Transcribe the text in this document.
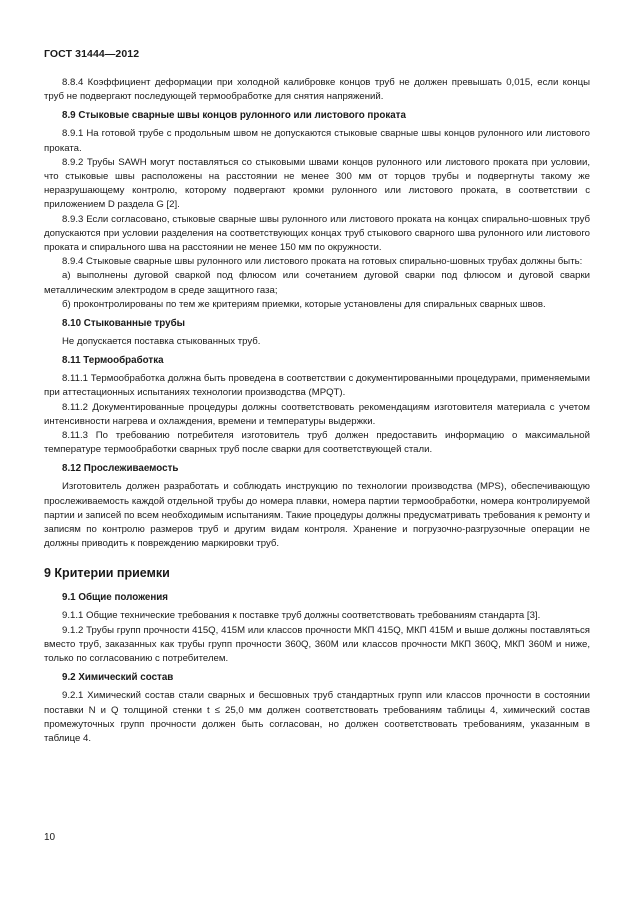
ГОСТ 31444—2012

8.8.4 Коэффициент деформации при холодной калибровке концов труб не должен превышать 0,015, если концы труб не подвергают последующей термообработке для снятия напряжений.

8.9 Стыковые сварные швы концов рулонного или листового проката

8.9.1 На готовой трубе с продольным швом не допускаются стыковые сварные швы концов рулонного или листового проката.

8.9.2 Трубы SAWH могут поставляться со стыковыми швами концов рулонного или листового проката при условии, что стыковые швы расположены на расстоянии не менее 300 мм от торцов трубы и подвергнуты такому же неразрушающему контролю, которому подвергают кромки рулонного или листового проката, в соответствии с приложением D раздела G [2].

8.9.3 Если согласовано, стыковые сварные швы рулонного или листового проката на концах спирально-шовных труб допускаются при условии разделения на соответствующих концах труб стыкового сварного шва рулонного или листового проката и спирального шва на расстоянии не менее 150 мм по окружности.

8.9.4 Стыковые сварные швы рулонного или листового проката на готовых спирально-шовных трубах должны быть:

а) выполнены дуговой сваркой под флюсом или сочетанием дуговой сварки под флюсом и дуговой сварки металлическим электродом в среде защитного газа;

б) проконтролированы по тем же критериям приемки, которые установлены для спиральных сварных швов.

8.10 Стыкованные трубы

Не допускается поставка стыкованных труб.

8.11 Термообработка

8.11.1 Термообработка должна быть проведена в соответствии с документированными процедурами, применяемыми при аттестационных испытаниях технологии производства (MPQT).

8.11.2 Документированные процедуры должны соответствовать рекомендациям изготовителя материала с учетом интенсивности нагрева и охлаждения, времени и температуры выдержки.

8.11.3 По требованию потребителя изготовитель труб должен предоставить информацию о максимальной температуре термообработки сварных труб после сварки для соответствующей стали.

8.12 Прослеживаемость

Изготовитель должен разработать и соблюдать инструкцию по технологии производства (MPS), обеспечивающую прослеживаемость каждой отдельной трубы до номера плавки, номера партии термообработки, номера контролируемой партии и записей по всем необходимым испытаниям. Такие процедуры должны предусматривать требования к ремонту и записям по контролю размеров труб и другим видам контроля. Хранение и погрузочно-разгрузочные операции не должны приводить к повреждению маркировки труб.

9 Критерии приемки
9.1 Общие положения

9.1.1 Общие технические требования к поставке труб должны соответствовать требованиям стандарта [3].

9.1.2 Трубы групп прочности 415Q, 415M или классов прочности МКП 415Q, МКП 415M и выше должны поставляться вместо труб, заказанных как трубы групп прочности 360Q, 360M или классов прочности МКП 360Q, МКП 360M и ниже, только по согласованию с потребителем.

9.2 Химический состав

9.2.1 Химический состав стали сварных и бесшовных труб стандартных групп или классов прочности в состоянии поставки N и Q толщиной стенки t ≤ 25,0 мм должен соответствовать требованиям таблицы 4, химический состав промежуточных групп прочности должен быть согласован, но должен соответствовать требованиям, указанным в таблице 4.

10
